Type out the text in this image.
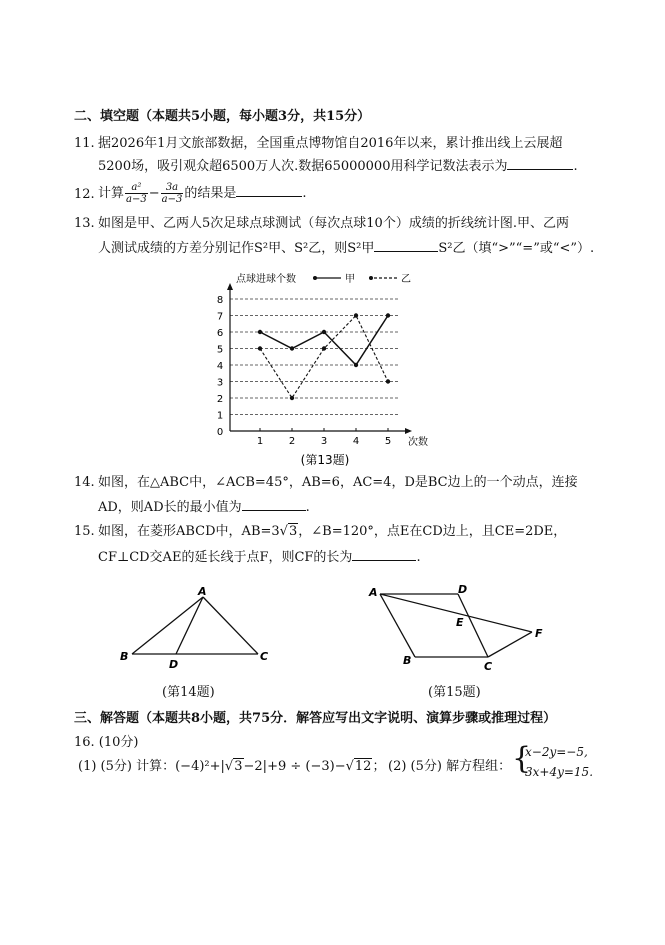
二、填空题（本题共5小题，每小题3分，共15分）
11. 据2026年1月文旅部数据，全国重点博物馆自2016年以来，累计推出线上云展超
5200场，吸引观众超6500万人次.数据65000000用科学记数法表示为	.
12. 计算 $\frac{\text{a²}}{a-3} - \frac{3a}{a-3}$ 的结果是	.
13. 如图是甲、乙两人5次足球点球测试（每次点球10个）成绩的折线统计图.甲、乙两
人测试成绩的方差分别记作S²甲、S²乙，则S²甲	S²乙（填“>”“=”或“<”）.
0
1
2
3
4
5
6
7
8
1	2	3	4	5 次数
点球进球个数	甲	乙
(第13题)
14. 如图，在△ABC中，∠ACB=45°，AB=6，AC=4，D是BC边上的一个动点，连接
AD，则AD长的最小值为	.
15. 如图，在菱形ABCD中，AB=3√3，∠B=120°，点E在CD边上，且CE=2DE，
CF⊥CD交AE的延长线于点F，则CF的长为	.
A
B	C
D
(第14题)
A	D
E
F
B	C
(第15题)
三、解答题（本题共8小题，共75分．解答应写出文字说明、演算步骤或推理过程）
16. (10分)
(1) (5分) 计算：(−4)²+|√3−2|+9 ÷ (−3)−√12； (2) (5分) 解方程组： {
x−2y=−5,
3x+4y=15.
